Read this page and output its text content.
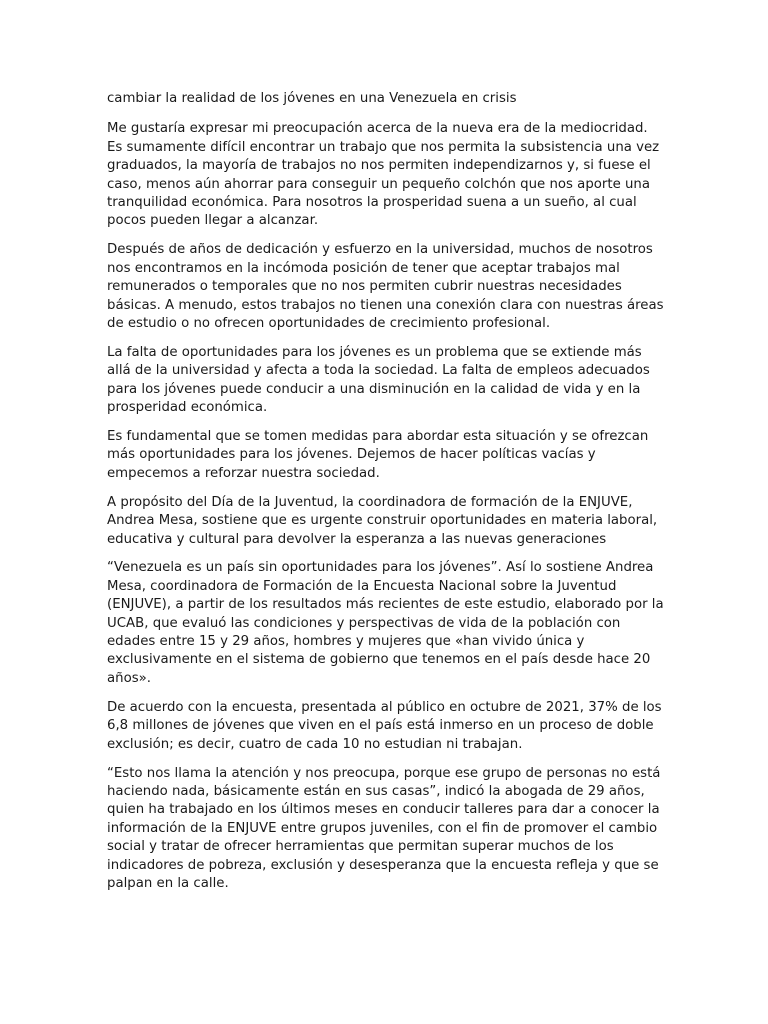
cambiar la realidad de los jóvenes en una Venezuela en crisis

Me gustaría expresar mi preocupación acerca de la nueva era de la mediocridad. Es sumamente difícil encontrar un trabajo que nos permita la subsistencia una vez graduados, la mayoría de trabajos no nos permiten independizarnos y, si fuese el caso, menos aún ahorrar para conseguir un pequeño colchón que nos aporte una tranquilidad económica. Para nosotros la prosperidad suena a un sueño, al cual pocos pueden llegar a alcanzar.

Después de años de dedicación y esfuerzo en la universidad, muchos de nosotros nos encontramos en la incómoda posición de tener que aceptar trabajos mal remunerados o temporales que no nos permiten cubrir nuestras necesidades básicas. A menudo, estos trabajos no tienen una conexión clara con nuestras áreas de estudio o no ofrecen oportunidades de crecimiento profesional.

La falta de oportunidades para los jóvenes es un problema que se extiende más allá de la universidad y afecta a toda la sociedad. La falta de empleos adecuados para los jóvenes puede conducir a una disminución en la calidad de vida y en la prosperidad económica.

Es fundamental que se tomen medidas para abordar esta situación y se ofrezcan más oportunidades para los jóvenes. Dejemos de hacer políticas vacías y empecemos a reforzar nuestra sociedad.

A propósito del Día de la Juventud, la coordinadora de formación de la ENJUVE, Andrea Mesa, sostiene que es urgente construir oportunidades en materia laboral, educativa y cultural para devolver la esperanza a las nuevas generaciones

“Venezuela es un país sin oportunidades para los jóvenes”. Así lo sostiene Andrea Mesa, coordinadora de Formación de la Encuesta Nacional sobre la Juventud (ENJUVE), a partir de los resultados más recientes de este estudio, elaborado por la UCAB, que evaluó las condiciones y perspectivas de vida de la población con edades entre 15 y 29 años, hombres y mujeres que «han vivido única y exclusivamente en el sistema de gobierno que tenemos en el país desde hace 20 años».

De acuerdo con la encuesta, presentada al público en octubre de 2021, 37% de los 6,8 millones de jóvenes que viven en el país está inmerso en un proceso de doble exclusión; es decir, cuatro de cada 10 no estudian ni trabajan.

“Esto nos llama la atención y nos preocupa, porque ese grupo de personas no está haciendo nada, básicamente están en sus casas”, indicó la abogada de 29 años, quien ha trabajado en los últimos meses en conducir talleres para dar a conocer la información de la ENJUVE entre grupos juveniles, con el fin de promover el cambio social y tratar de ofrecer herramientas que permitan superar muchos de los indicadores de pobreza, exclusión y desesperanza que la encuesta refleja y que se palpan en la calle.
